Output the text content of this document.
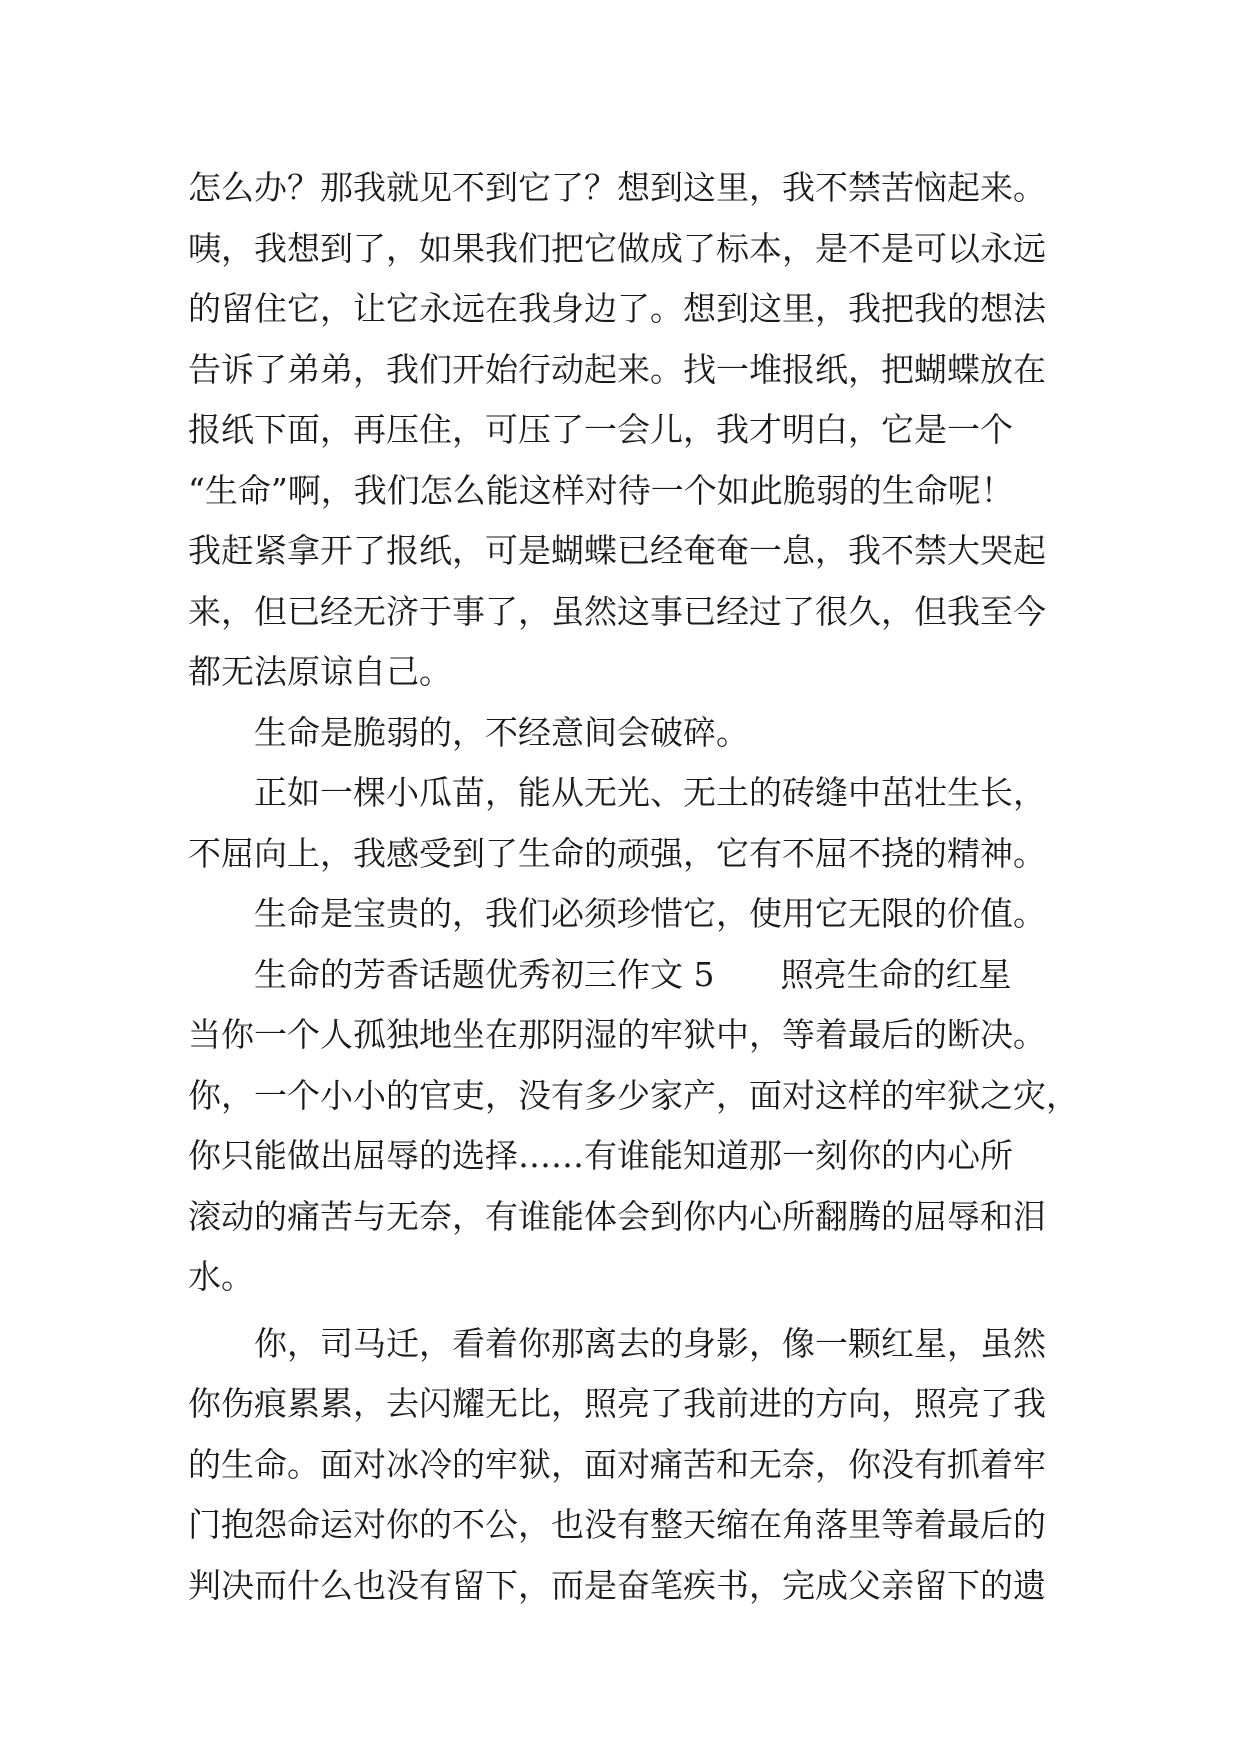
怎么办？那我就见不到它了？想到这里，我不禁苦恼起来。
咦，我想到了，如果我们把它做成了标本，是不是可以永远
的留住它，让它永远在我身边了。想到这里，我把我的想法
告诉了弟弟，我们开始行动起来。找一堆报纸，把蝴蝶放在
报纸下面，再压住，可压了一会儿，我才明白，它是一个
“生命”啊，我们怎么能这样对待一个如此脆弱的生命呢！
我赶紧拿开了报纸，可是蝴蝶已经奄奄一息，我不禁大哭起
来，但已经无济于事了，虽然这事已经过了很久，但我至今
都无法原谅自己。
生命是脆弱的，不经意间会破碎。
正如一棵小瓜苗，能从无光、无土的砖缝中茁壮生长，
不屈向上，我感受到了生命的顽强，它有不屈不挠的精神。
生命是宝贵的，我们必须珍惜它，使用它无限的价值。
生命的芳香话题优秀初三作文 5　　照亮生命的红星
当你一个人孤独地坐在那阴湿的牢狱中，等着最后的断决。
你，一个小小的官吏，没有多少家产，面对这样的牢狱之灾，
你只能做出屈辱的选择……有谁能知道那一刻你的内心所
滚动的痛苦与无奈，有谁能体会到你内心所翻腾的屈辱和泪
水。
你，司马迁，看着你那离去的身影，像一颗红星，虽然
你伤痕累累，去闪耀无比，照亮了我前进的方向，照亮了我
的生命。面对冰冷的牢狱，面对痛苦和无奈，你没有抓着牢
门抱怨命运对你的不公，也没有整天缩在角落里等着最后的
判决而什么也没有留下，而是奋笔疾书，完成父亲留下的遗
